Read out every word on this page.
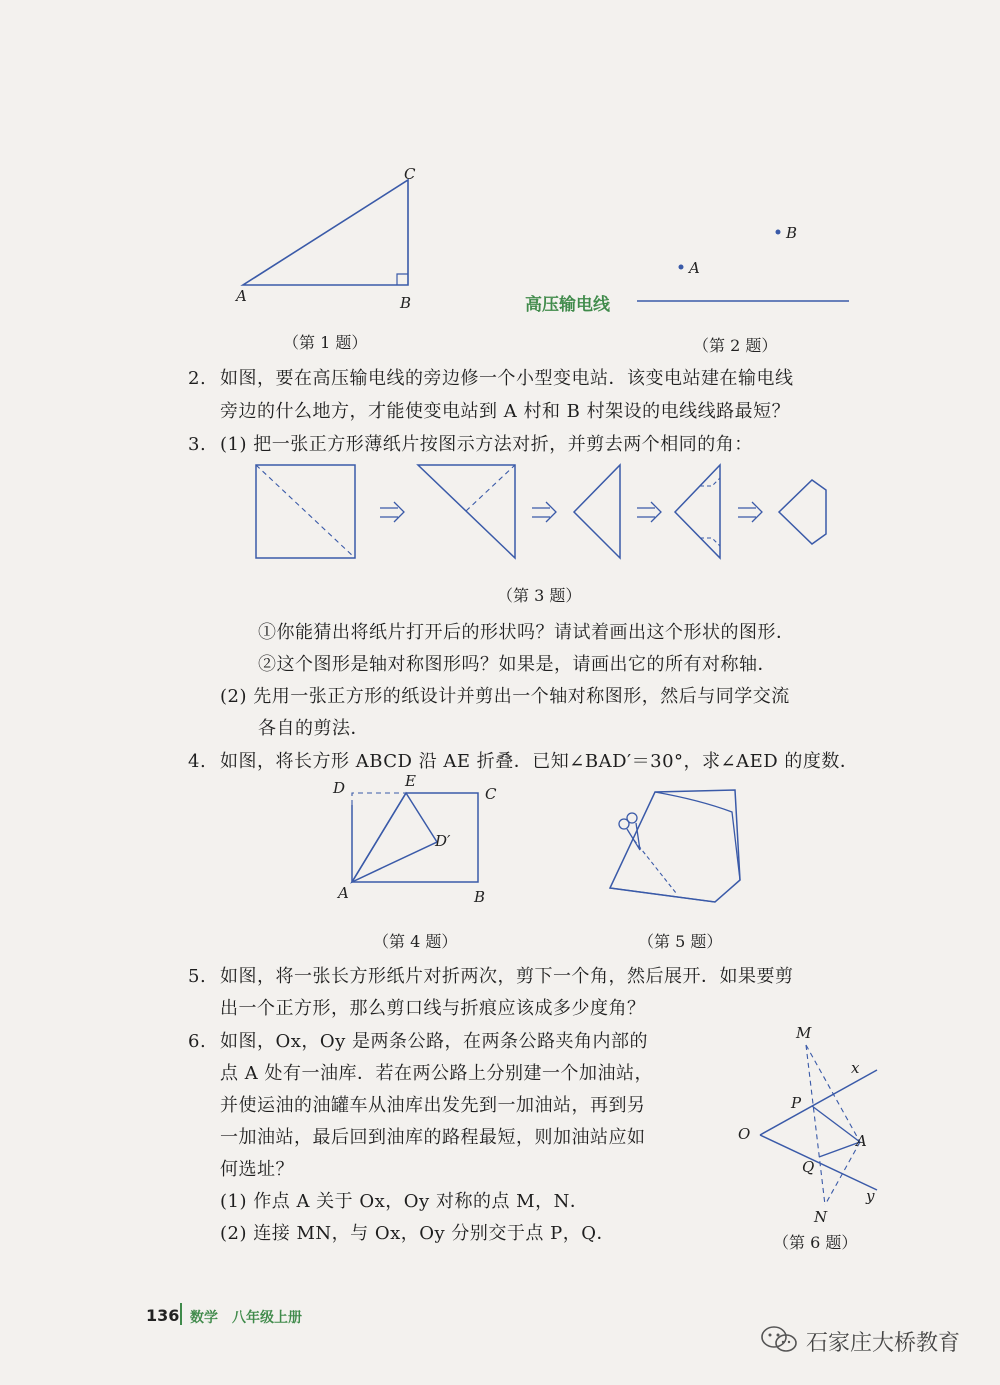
C
A	B
（第 1 题）
B
A
高压输电线
（第 2 题）
2. 如图，要在高压输电线的旁边修一个小型变电站．该变电站建在输电线
旁边的什么地方，才能使变电站到 A 村和 B 村架设的电线线路最短？
3. (1) 把一张正方形薄纸片按图示方法对折，并剪去两个相同的角：
（第 3 题）
①你能猜出将纸片打开后的形状吗？请试着画出这个形状的图形．
②这个图形是轴对称图形吗？如果是，请画出它的所有对称轴．
(2) 先用一张正方形的纸设计并剪出一个轴对称图形，然后与同学交流
各自的剪法．
4. 如图，将长方形 ABCD 沿 AE 折叠．已知∠BAD′＝30°，求∠AED 的度数．
D	E
C
D′
A	B
（第 4 题）	（第 5 题）
5. 如图，将一张长方形纸片对折两次，剪下一个角，然后展开．如果要剪
出一个正方形，那么剪口线与折痕应该成多少度角？
6. 如图，Ox，Oy 是两条公路，在两条公路夹角内部的
点 A 处有一油库．若在两公路上分别建一个加油站，
并使运油的油罐车从油库出发先到一加油站，再到另
一加油站，最后回到油库的路程最短，则加油站应如
何选址？
(1) 作点 A 关于 Ox，Oy 对称的点 M，N．
(2) 连接 MN，与 Ox，Oy 分别交于点 P，Q．
M
x
P
O	A
Q
y
N
（第 6 题）
136 数学　八年级上册
石家庄大桥教育
